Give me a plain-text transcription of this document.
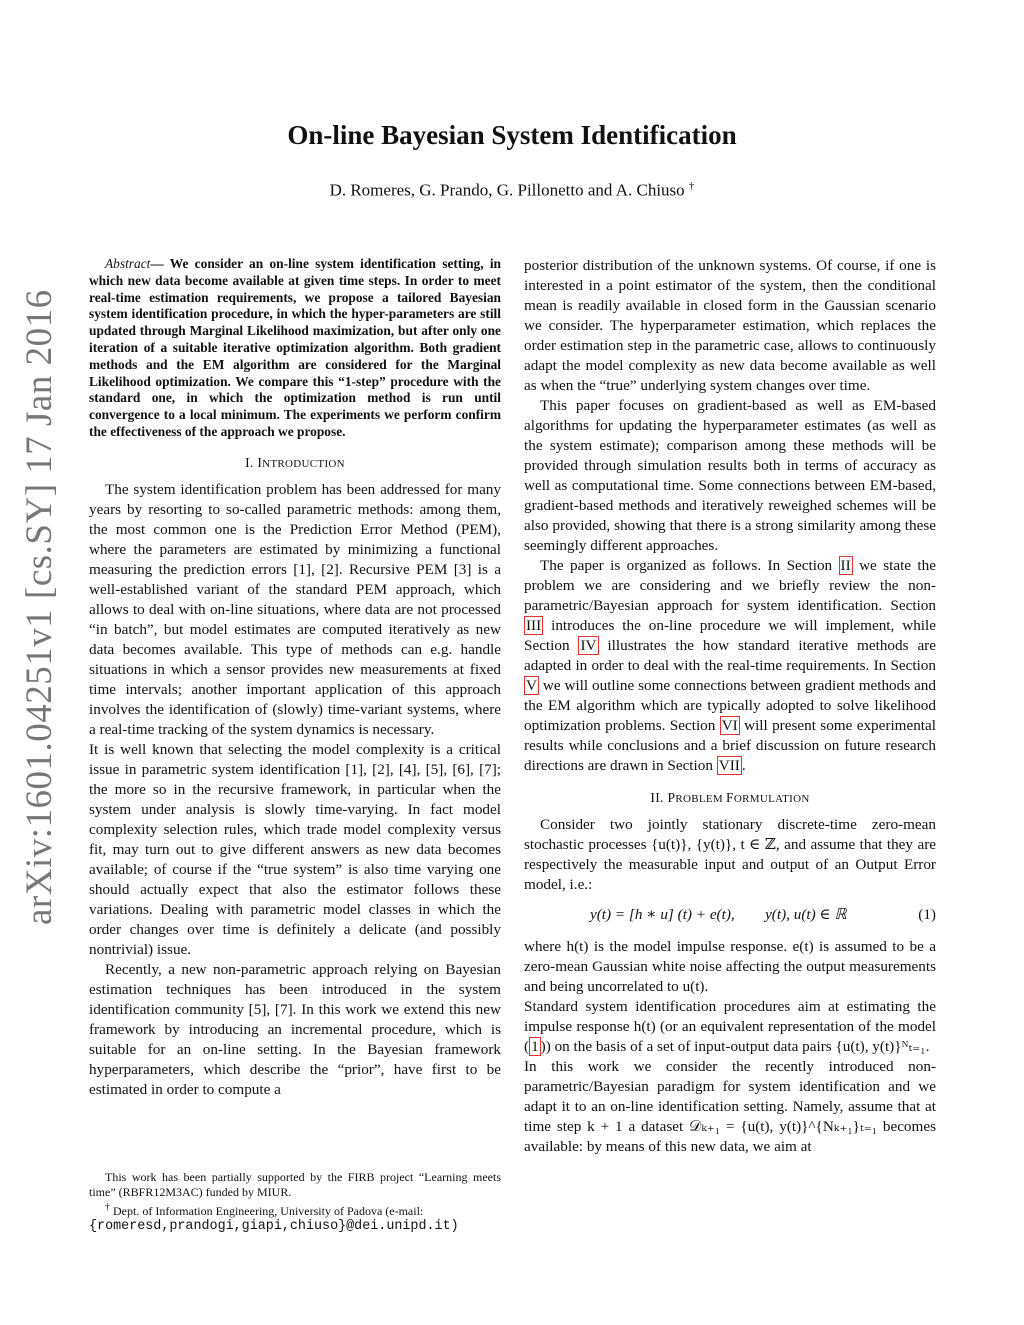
arXiv:1601.04251v1 [cs.SY] 17 Jan 2016
On-line Bayesian System Identification
D. Romeres, G. Prando, G. Pillonetto and A. Chiuso †

Abstract— We consider an on-line system identification setting, in which new data become available at given time steps. In order to meet real-time estimation requirements, we propose a tailored Bayesian system identification procedure, in which the hyper-parameters are still updated through Marginal Likelihood maximization, but after only one iteration of a suitable iterative optimization algorithm. Both gradient methods and the EM algorithm are considered for the Marginal Likelihood optimization. We compare this “1-step” procedure with the standard one, in which the optimization method is run until convergence to a local minimum. The experiments we perform confirm the effectiveness of the approach we propose.

I. INTRODUCTION

The system identification problem has been addressed for many years by resorting to so-called parametric methods: among them, the most common one is the Prediction Error Method (PEM), where the parameters are estimated by minimizing a functional measuring the prediction errors [1], [2]. Recursive PEM [3] is a well-established variant of the standard PEM approach, which allows to deal with on-line situations, where data are not processed “in batch”, but model estimates are computed iteratively as new data becomes available. This type of methods can e.g. handle situations in which a sensor provides new measurements at fixed time intervals; another important application of this approach involves the identification of (slowly) time-variant systems, where a real-time tracking of the system dynamics is necessary.

It is well known that selecting the model complexity is a critical issue in parametric system identification [1], [2], [4], [5], [6], [7]; the more so in the recursive framework, in particular when the system under analysis is slowly time-varying. In fact model complexity selection rules, which trade model complexity versus fit, may turn out to give different answers as new data becomes available; of course if the “true system” is also time varying one should actually expect that also the estimator follows these variations. Dealing with parametric model classes in which the order changes over time is definitely a delicate (and possibly nontrivial) issue.

Recently, a new non-parametric approach relying on Bayesian estimation techniques has been introduced in the system identification community [5], [7]. In this work we extend this new framework by introducing an incremental procedure, which is suitable for an on-line setting. In the Bayesian framework hyperparameters, which describe the “prior”, have first to be estimated in order to compute a

This work has been partially supported by the FIRB project “Learning meets time” (RBFR12M3AC) funded by MIUR.

† Dept. of Information Engineering, University of Padova (e-mail:

{romeresd,prandogi,giapi,chiuso}@dei.unipd.it)

posterior distribution of the unknown systems. Of course, if one is interested in a point estimator of the system, then the conditional mean is readily available in closed form in the Gaussian scenario we consider. The hyperparameter estimation, which replaces the order estimation step in the parametric case, allows to continuously adapt the model complexity as new data become available as well as when the “true” underlying system changes over time.

This paper focuses on gradient-based as well as EM-based algorithms for updating the hyperparameter estimates (as well as the system estimate); comparison among these methods will be provided through simulation results both in terms of accuracy as well as computational time. Some connections between EM-based, gradient-based methods and iteratively reweighed schemes will be also provided, showing that there is a strong similarity among these seemingly different approaches.

The paper is organized as follows. In Section II we state the problem we are considering and we briefly review the non-parametric/Bayesian approach for system identification. Section III introduces the on-line procedure we will implement, while Section IV illustrates the how standard iterative methods are adapted in order to deal with the real-time requirements. In Section V we will outline some connections between gradient methods and the EM algorithm which are typically adopted to solve likelihood optimization problems. Section VI will present some experimental results while conclusions and a brief discussion on future research directions are drawn in Section VII .

II. PROBLEM FORMULATION

Consider two jointly stationary discrete-time zero-mean stochastic processes {u(t)}, {y(t)}, t ∈ ℤ, and assume that they are respectively the measurable input and output of an Output Error model, i.e.:

y(t) = [h ∗ u] (t) + e(t),        y(t), u(t) ∈ ℝ	(1)

where h(t) is the model impulse response. e(t) is assumed to be a zero-mean Gaussian white noise affecting the output measurements and being uncorrelated to u(t).

Standard system identification procedures aim at estimating the impulse response h(t) (or an equivalent representation of the model ( 1 )) on the basis of a set of input-output data pairs {u(t), y(t)}ᴺₜ₌₁.

In this work we consider the recently introduced non-parametric/Bayesian paradigm for system identification and we adapt it to an on-line identification setting. Namely, assume that at time step k + 1 a dataset 𝒟ₖ₊₁ = {u(t), y(t)}^{Nₖ₊₁}ₜ₌₁ becomes available: by means of this new data, we aim at
